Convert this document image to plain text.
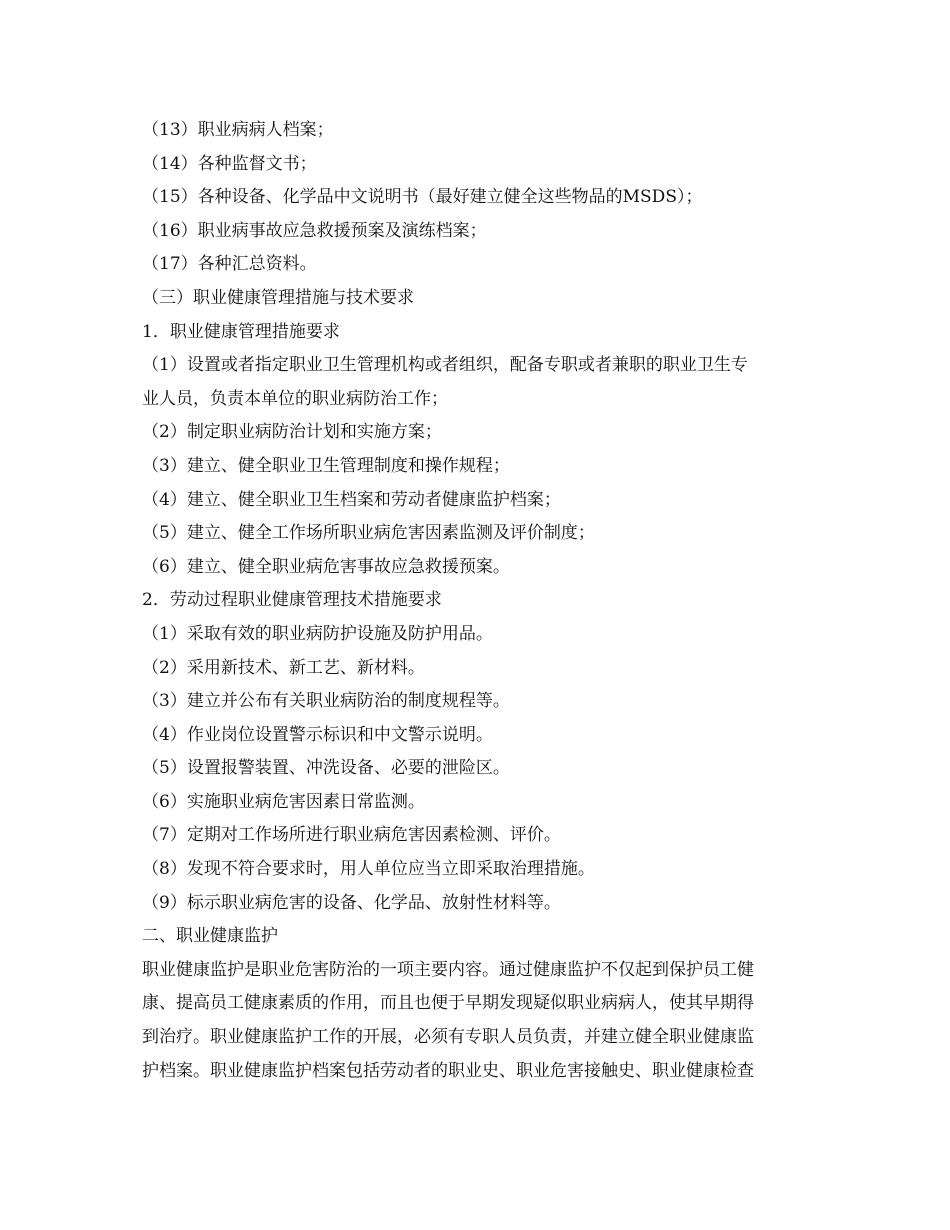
（13）职业病病人档案；
（14）各种监督文书；
（15）各种设备、化学品中文说明书（最好建立健全这些物品的MSDS）；
（16）职业病事故应急救援预案及演练档案；
（17）各种汇总资料。
（三）职业健康管理措施与技术要求
1．职业健康管理措施要求
（1）设置或者指定职业卫生管理机构或者组织，配备专职或者兼职的职业卫生专
业人员，负责本单位的职业病防治工作；
（2）制定职业病防治计划和实施方案；
（3）建立、健全职业卫生管理制度和操作规程；
（4）建立、健全职业卫生档案和劳动者健康监护档案；
（5）建立、健全工作场所职业病危害因素监测及评价制度；
（6）建立、健全职业病危害事故应急救援预案。
2．劳动过程职业健康管理技术措施要求
（1）采取有效的职业病防护设施及防护用品。
（2）采用新技术、新工艺、新材料。
（3）建立并公布有关职业病防治的制度规程等。
（4）作业岗位设置警示标识和中文警示说明。
（5）设置报警装置、冲洗设备、必要的泄险区。
（6）实施职业病危害因素日常监测。
（7）定期对工作场所进行职业病危害因素检测、评价。
（8）发现不符合要求时，用人单位应当立即采取治理措施。
（9）标示职业病危害的设备、化学品、放射性材料等。
二、职业健康监护
职业健康监护是职业危害防治的一项主要内容。通过健康监护不仅起到保护员工健
康、提高员工健康素质的作用，而且也便于早期发现疑似职业病病人，使其早期得
到治疗。职业健康监护工作的开展，必须有专职人员负责，并建立健全职业健康监
护档案。职业健康监护档案包括劳动者的职业史、职业危害接触史、职业健康检查
